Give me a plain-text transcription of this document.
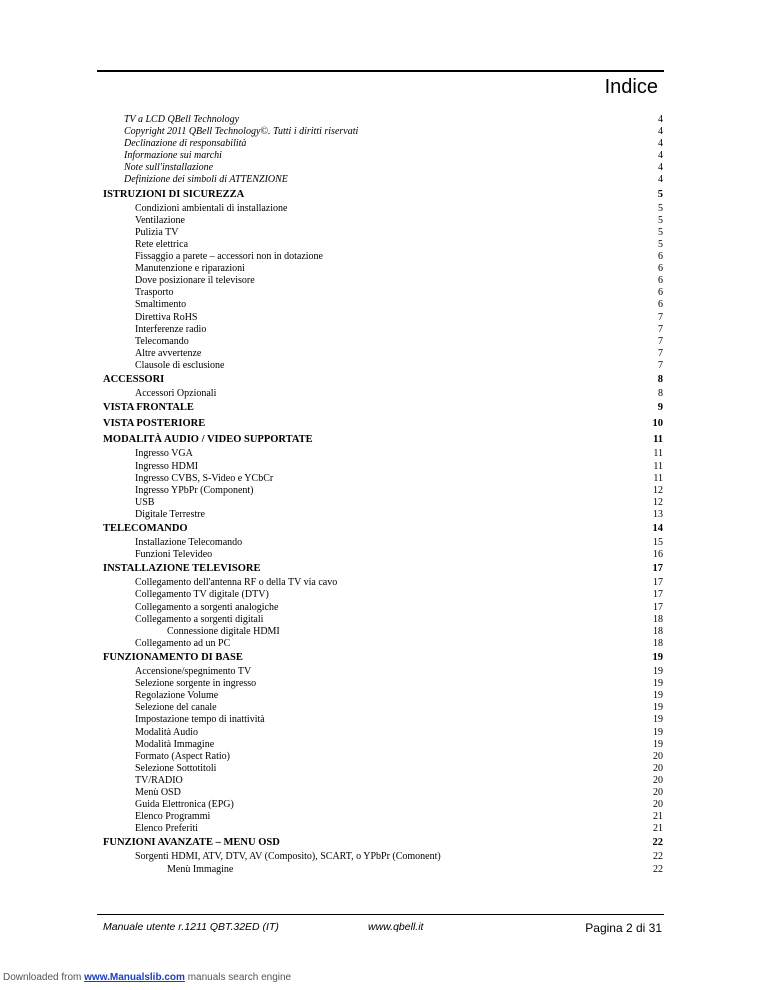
Indice
TV a LCD QBell Technology	4
Copyright 2011 QBell Technology©. Tutti i diritti riservati	4
Declinazione di responsabilità	4
Informazione sui marchi	4
Note sull'installazione	4
Definizione dei simboli di ATTENZIONE	4
ISTRUZIONI DI SICUREZZA	5
Condizioni ambientali di installazione	5
Ventilazione	5
Pulizia TV	5
Rete elettrica	5
Fissaggio a parete – accessori non in dotazione	6
Manutenzione e riparazioni	6
Dove posizionare il televisore	6
Trasporto	6
Smaltimento	6
Direttiva RoHS	7
Interferenze radio	7
Telecomando	7
Altre avvertenze	7
Clausole di esclusione	7
ACCESSORI	8
Accessori Opzionali	8
VISTA FRONTALE	9
VISTA POSTERIORE	10
MODALITÀ AUDIO / VIDEO SUPPORTATE	11
Ingresso VGA	11
Ingresso HDMI	11
Ingresso CVBS, S-Video e YCbCr	11
Ingresso YPbPr (Component)	12
USB	12
Digitale Terrestre	13
TELECOMANDO	14
Installazione Telecomando	15
Funzioni Televideo	16
INSTALLAZIONE TELEVISORE	17
Collegamento dell'antenna RF o della TV via cavo	17
Collegamento TV digitale (DTV)	17
Collegamento a sorgenti analogiche	17
Collegamento a sorgenti digitali	18
Connessione digitale HDMI	18
Collegamento ad un PC	18
FUNZIONAMENTO DI BASE	19
Accensione/spegnimento TV	19
Selezione sorgente in ingresso	19
Regolazione Volume	19
Selezione del canale	19
Impostazione tempo di inattività	19
Modalità Audio	19
Modalità Immagine	19
Formato (Aspect Ratio)	20
Selezione Sottotitoli	20
TV/RADIO	20
Menù OSD	20
Guida Elettronica (EPG)	20
Elenco Programmi	21
Elenco Preferiti	21
FUNZIONI AVANZATE – MENU OSD	22
Sorgenti HDMI, ATV, DTV, AV (Composito), SCART, o YPbPr (Comonent)	22
Menù Immagine	22
Manuale utente r.1211 QBT.32ED (IT)	www.qbell.it	Pagina 2 di 31
Downloaded from www.Manualslib.com manuals search engine
